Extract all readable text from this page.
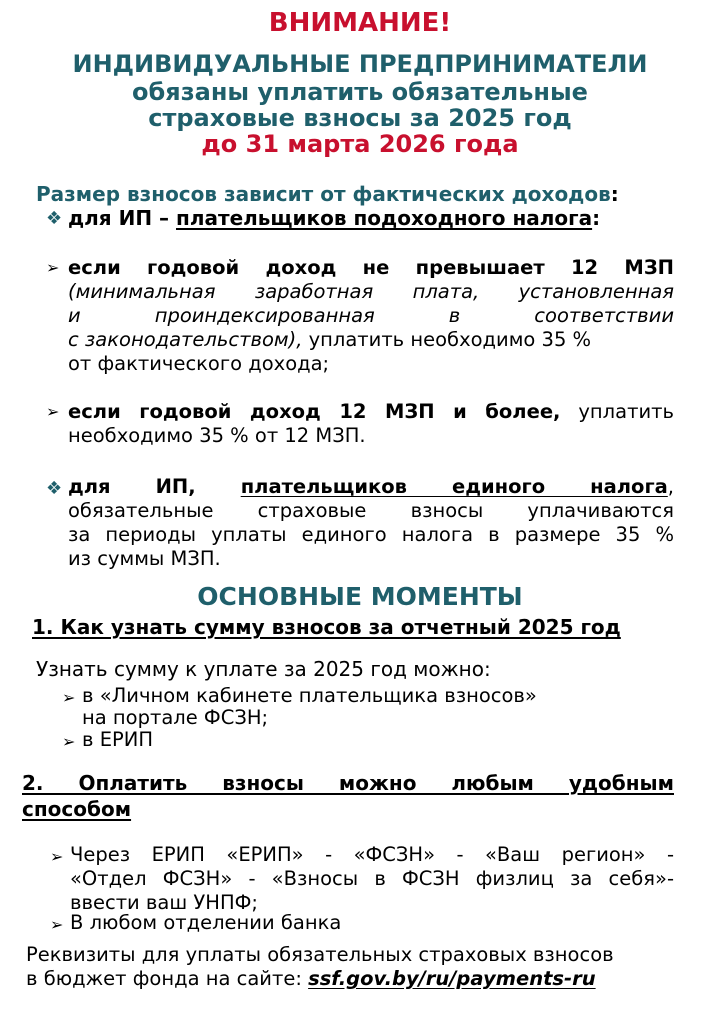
ВНИМАНИЕ!
ИНДИВИДУАЛЬНЫЕ ПРЕДПРИНИМАТЕЛИ
обязаны уплатить обязательные
страховые взносы за 2025 год
до 31 марта 2026 года
Размер взносов зависит от фактических доходов:
❖ для ИП – плательщиков подоходного налога:
➢ если годовой доход не превышает 12 МЗП
(минимальная заработная плата, установленная
и проиндексированная в соответствии
с законодательством), уплатить необходимо 35 %
от фактического дохода;
➢ если годовой доход 12 МЗП и более, уплатить
необходимо 35 % от 12 МЗП.
❖ для ИП, плательщиков единого налога,
обязательные страховые взносы уплачиваются
за периоды уплаты единого налога в размере 35 %
из суммы МЗП.
ОСНОВНЫЕ МОМЕНТЫ
1. Как узнать сумму взносов за отчетный 2025 год
Узнать сумму к уплате за 2025 год можно:
➢ в «Личном кабинете плательщика взносов»
на портале ФСЗН;
➢ в ЕРИП
2. Оплатить взносы можно любым удобным
способом
➢ Через ЕРИП «ЕРИП» - «ФСЗН» - «Ваш регион» -
«Отдел ФСЗН» - «Взносы в ФСЗН физлиц за себя»-
ввести ваш УНПФ;
➢ В любом отделении банка
Реквизиты для уплаты обязательных страховых взносов
в бюджет фонда на сайте: ssf.gov.by/ru/payments-ru
